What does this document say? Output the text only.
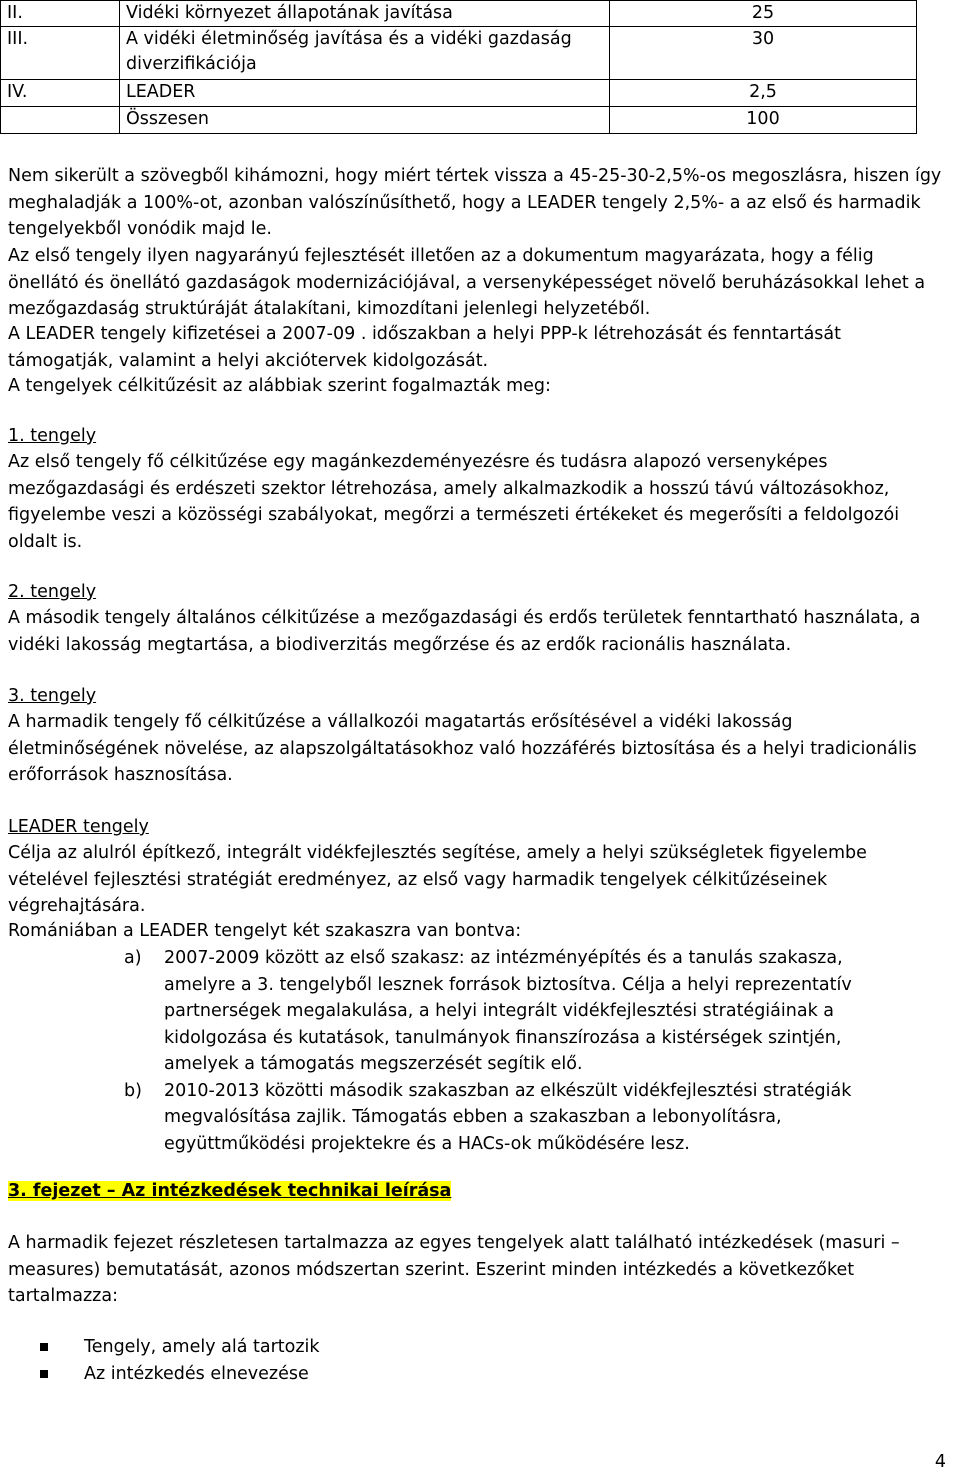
II.	Vidéki környezet állapotának javítása	25
III.	A vidéki életminőség javítása és a vidéki gazdaság diverzifikációja	30
IV.	LEADER	2,5
	Összesen	100

Nem sikerült a szövegből kihámozni, hogy miért tértek vissza a 45-25-30-2,5%-os megoszlásra, hiszen így meghaladják a 100%-ot, azonban valószínűsíthető, hogy a LEADER tengely 2,5%- a az első és harmadik tengelyekből vonódik majd le.

Az első tengely ilyen nagyarányú fejlesztését illetően az a dokumentum magyarázata, hogy a félig önellátó és önellátó gazdaságok modernizációjával, a versenyképességet növelő beruházásokkal lehet a mezőgazdaság struktúráját átalakítani, kimozdítani jelenlegi helyzetéből.

A LEADER tengely kifizetései a 2007-09 . időszakban a helyi PPP-k létrehozását és fenntartását támogatják, valamint a helyi akciótervek kidolgozását.

A tengelyek célkitűzésit az alábbiak szerint fogalmazták meg:

1. tengely

Az első tengely fő célkitűzése egy magánkezdeményezésre és tudásra alapozó versenyképes mezőgazdasági és erdészeti szektor létrehozása, amely alkalmazkodik a hosszú távú változásokhoz, figyelembe veszi a közösségi szabályokat, megőrzi a természeti értékeket és megerősíti a feldolgozói oldalt is.

2. tengely

A második tengely általános célkitűzése a mezőgazdasági és erdős területek fenntartható használata, a vidéki lakosság megtartása, a biodiverzitás megőrzése és az erdők racionális használata.

3. tengely

A harmadik tengely fő célkitűzése a vállalkozói magatartás erősítésével a vidéki lakosság életminőségének növelése, az alapszolgáltatásokhoz való hozzáférés biztosítása és a helyi tradicionális erőforrások hasznosítása.

LEADER tengely

Célja az alulról építkező, integrált vidékfejlesztés segítése, amely a helyi szükségletek figyelembe vételével fejlesztési stratégiát eredményez, az első vagy harmadik tengelyek célkitűzéseinek végrehajtására.

Romániában a LEADER tengelyt két szakaszra van bontva:

a) 2007-2009 között az első szakasz: az intézményépítés és a tanulás szakasza, amelyre a 3. tengelyből lesznek források biztosítva. Célja a helyi reprezentatív partnerségek megalakulása, a helyi integrált vidékfejlesztési stratégiáinak a kidolgozása és kutatások, tanulmányok finanszírozása a kistérségek szintjén, amelyek a támogatás megszerzését segítik elő.
b) 2010-2013 közötti második szakaszban az elkészült vidékfejlesztési stratégiák megvalósítása zajlik. Támogatás ebben a szakaszban a lebonyolításra, együttműködési projektekre és a HACs-ok működésére lesz.

3. fejezet – Az intézkedések technikai leírása

A harmadik fejezet részletesen tartalmazza az egyes tengelyek alatt található intézkedések (masuri – measures) bemutatását, azonos módszertan szerint. Eszerint minden intézkedés a következőket tartalmazza:

Tengely, amely alá tartozik
Az intézkedés elnevezése
4
